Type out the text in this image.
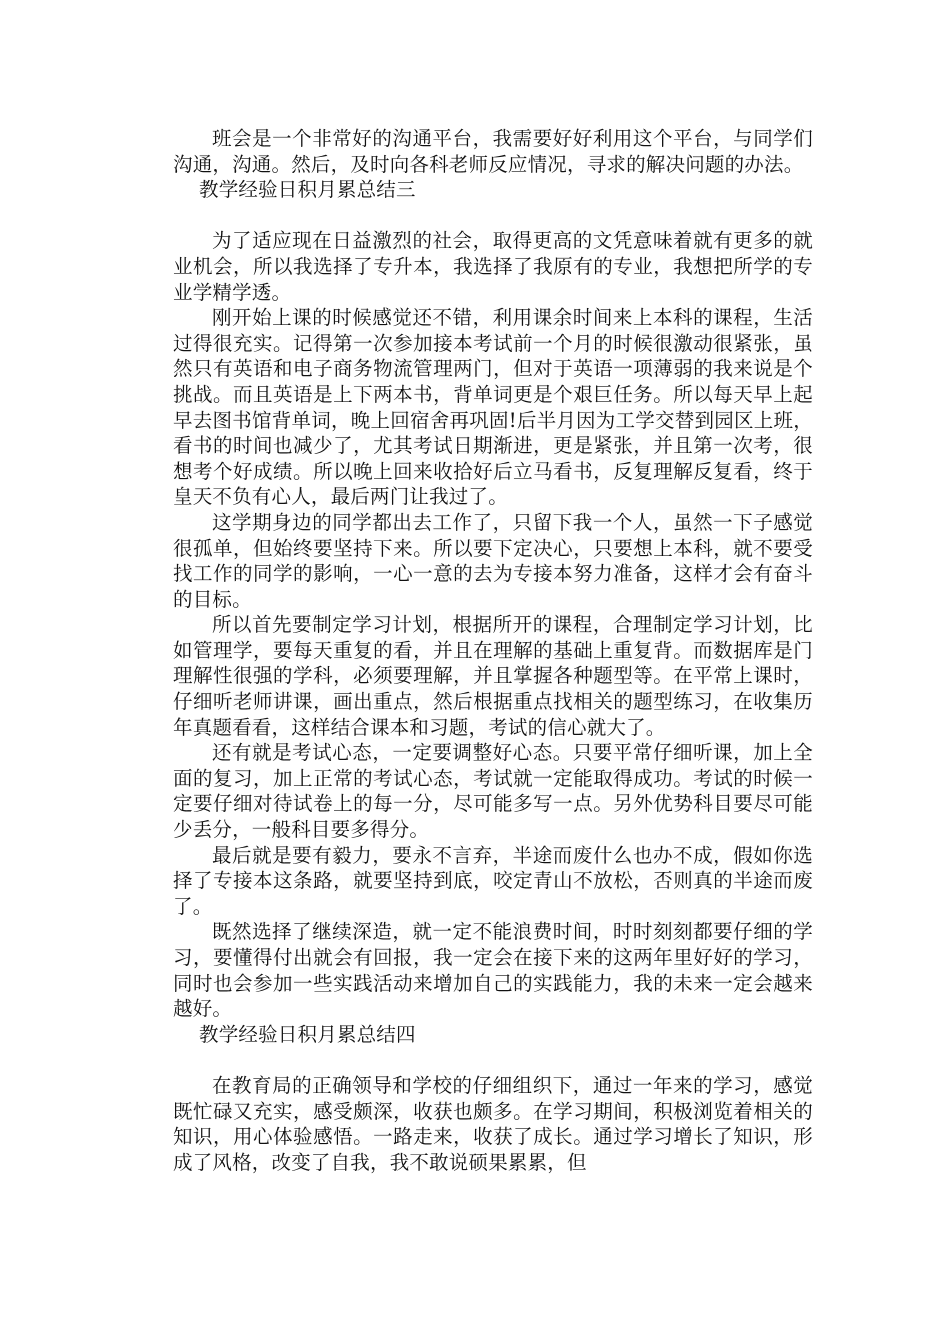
班会是一个非常好的沟通平台，我需要好好利用这个平台，与同学们沟通，沟通。然后，及时向各科老师反应情况，寻求的解决问题的办法。

教学经验日积月累总结三

为了适应现在日益激烈的社会，取得更高的文凭意味着就有更多的就业机会，所以我选择了专升本，我选择了我原有的专业，我想把所学的专业学精学透。

刚开始上课的时候感觉还不错，利用课余时间来上本科的课程，生活过得很充实。记得第一次参加接本考试前一个月的时候很激动很紧张，虽然只有英语和电子商务物流管理两门，但对于英语一项薄弱的我来说是个挑战。而且英语是上下两本书，背单词更是个艰巨任务。所以每天早上起早去图书馆背单词，晚上回宿舍再巩固!后半月因为工学交替到园区上班，看书的时间也减少了，尤其考试日期渐进，更是紧张，并且第一次考，很想考个好成绩。所以晚上回来收拾好后立马看书，反复理解反复看，终于皇天不负有心人，最后两门让我过了。

这学期身边的同学都出去工作了，只留下我一个人，虽然一下子感觉很孤单，但始终要坚持下来。所以要下定决心，只要想上本科，就不要受找工作的同学的影响，一心一意的去为专接本努力准备，这样才会有奋斗的目标。

所以首先要制定学习计划，根据所开的课程，合理制定学习计划，比如管理学，要每天重复的看，并且在理解的基础上重复背。而数据库是门理解性很强的学科，必须要理解，并且掌握各种题型等。在平常上课时，仔细听老师讲课，画出重点，然后根据重点找相关的题型练习，在收集历年真题看看，这样结合课本和习题，考试的信心就大了。

还有就是考试心态，一定要调整好心态。只要平常仔细听课，加上全面的复习，加上正常的考试心态，考试就一定能取得成功。考试的时候一定要仔细对待试卷上的每一分，尽可能多写一点。另外优势科目要尽可能少丢分，一般科目要多得分。

最后就是要有毅力，要永不言弃，半途而废什么也办不成，假如你选择了专接本这条路，就要坚持到底，咬定青山不放松，否则真的半途而废了。

既然选择了继续深造，就一定不能浪费时间，时时刻刻都要仔细的学习，要懂得付出就会有回报，我一定会在接下来的这两年里好好的学习，同时也会参加一些实践活动来增加自己的实践能力，我的未来一定会越来越好。

教学经验日积月累总结四

在教育局的正确领导和学校的仔细组织下，通过一年来的学习，感觉既忙碌又充实，感受颇深，收获也颇多。在学习期间，积极浏览着相关的知识，用心体验感悟。一路走来，收获了成长。通过学习增长了知识，形成了风格，改变了自我，我不敢说硕果累累，但
